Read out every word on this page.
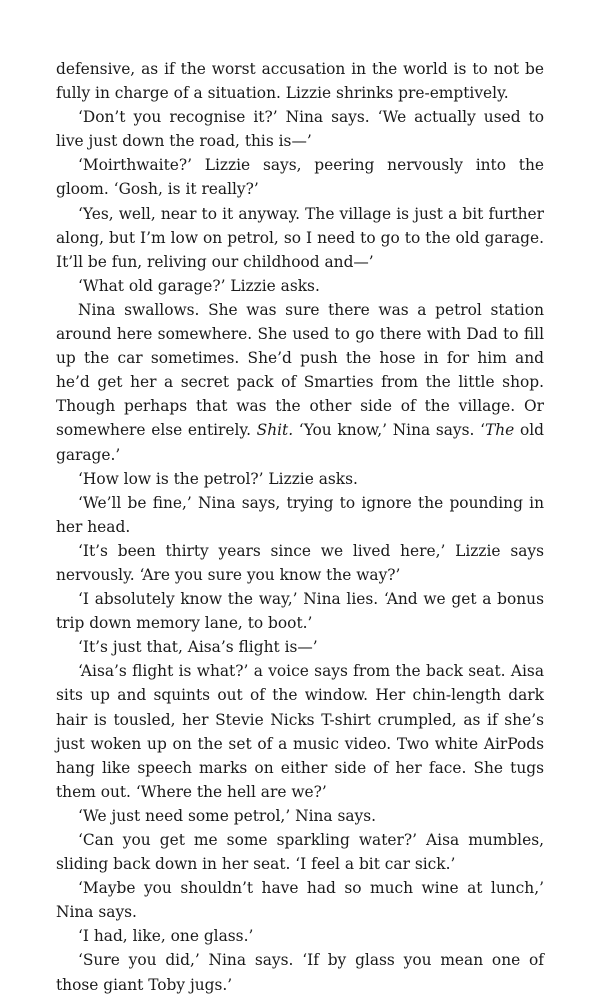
defensive, as if the worst accusation in the world is to not be fully in charge of a situation. Lizzie shrinks pre-emptively.

‘Don’t you recognise it?’ Nina says. ‘We actually used to live just down the road, this is—’

‘Moirthwaite?’ Lizzie says, peering nervously into the gloom. ‘Gosh, is it really?’

‘Yes, well, near to it anyway. The village is just a bit further along, but I’m low on petrol, so I need to go to the old garage. It’ll be fun, reliving our childhood and—’

‘What old garage?’ Lizzie asks.

Nina swallows. She was sure there was a petrol station around here somewhere. She used to go there with Dad to fill up the car sometimes. She’d push the hose in for him and he’d get her a secret pack of Smarties from the little shop. Though perhaps that was the other side of the village. Or somewhere else entirely. Shit. ‘You know,’ Nina says. ‘The old garage.’

‘How low is the petrol?’ Lizzie asks.

‘We’ll be fine,’ Nina says, trying to ignore the pounding in her head.

‘It’s been thirty years since we lived here,’ Lizzie says nervously. ‘Are you sure you know the way?’

‘I absolutely know the way,’ Nina lies. ‘And we get a bonus trip down memory lane, to boot.’

‘It’s just that, Aisa’s flight is—’

‘Aisa’s flight is what?’ a voice says from the back seat. Aisa sits up and squints out of the window. Her chin-length dark hair is tousled, her Stevie Nicks T-shirt crumpled, as if she’s just woken up on the set of a music video. Two white AirPods hang like speech marks on either side of her face. She tugs them out. ‘Where the hell are we?’

‘We just need some petrol,’ Nina says.

‘Can you get me some sparkling water?’ Aisa mumbles, sliding back down in her seat. ‘I feel a bit car sick.’

‘Maybe you shouldn’t have had so much wine at lunch,’ Nina says.

‘I had, like, one glass.’

‘Sure you did,’ Nina says. ‘If by glass you mean one of those giant Toby jugs.’
